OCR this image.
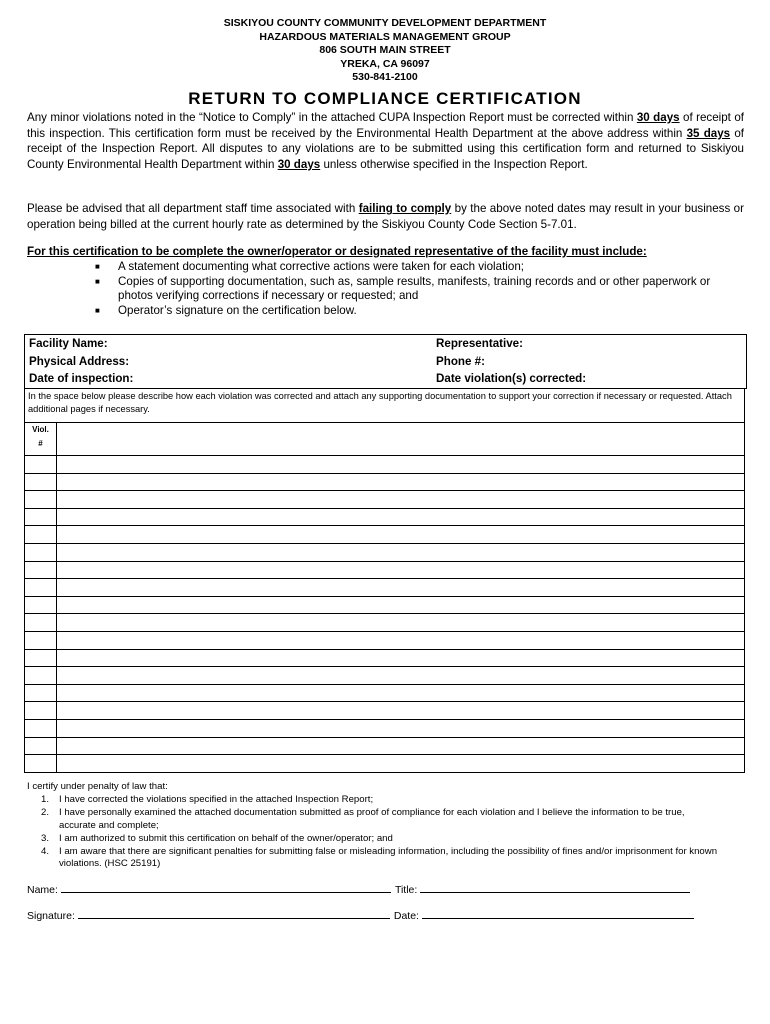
SISKIYOU COUNTY COMMUNITY DEVELOPMENT DEPARTMENT
HAZARDOUS MATERIALS MANAGEMENT GROUP
806 SOUTH MAIN STREET
YREKA, CA 96097
530-841-2100
RETURN TO COMPLIANCE CERTIFICATION
Any minor violations noted in the “Notice to Comply” in the attached CUPA Inspection Report must be corrected within 30 days of receipt of this inspection. This certification form must be received by the Environmental Health Department at the above address within 35 days of receipt of the Inspection Report. All disputes to any violations are to be submitted using this certification form and returned to Siskiyou County Environmental Health Department within 30 days unless otherwise specified in the Inspection Report.
Please be advised that all department staff time associated with failing to comply by the above noted dates may result in your business or operation being billed at the current hourly rate as determined by the Siskiyou County Code Section 5-7.01.
For this certification to be complete the owner/operator or designated representative of the facility must include:
■	A statement documenting what corrective actions were taken for each violation;
■	Copies of supporting documentation, such as, sample results, manifests, training records and or other paperwork or photos verifying corrections if necessary or requested; and
■	Operator’s signature on the certification below.
Facility Name:	Representative:
Physical Address:	Phone #:
Date of inspection:	Date violation(s) corrected:
In the space below please describe how each violation was corrected and attach any supporting documentation to support your correction if necessary or requested. Attach additional pages if necessary.
Viol.
#	

I certify under penalty of law that:
1.	I have corrected the violations specified in the attached Inspection Report;
2.	I have personally examined the attached documentation submitted as proof of compliance for each violation and I believe the information to be true, accurate and complete;
3.	I am authorized to submit this certification on behalf of the owner/operator; and
4.	I am aware that there are significant penalties for submitting false or misleading information, including the possibility of fines and/or imprisonment for known violations. (HSC 25191)
Name:	Title:
Signature:	Date:
